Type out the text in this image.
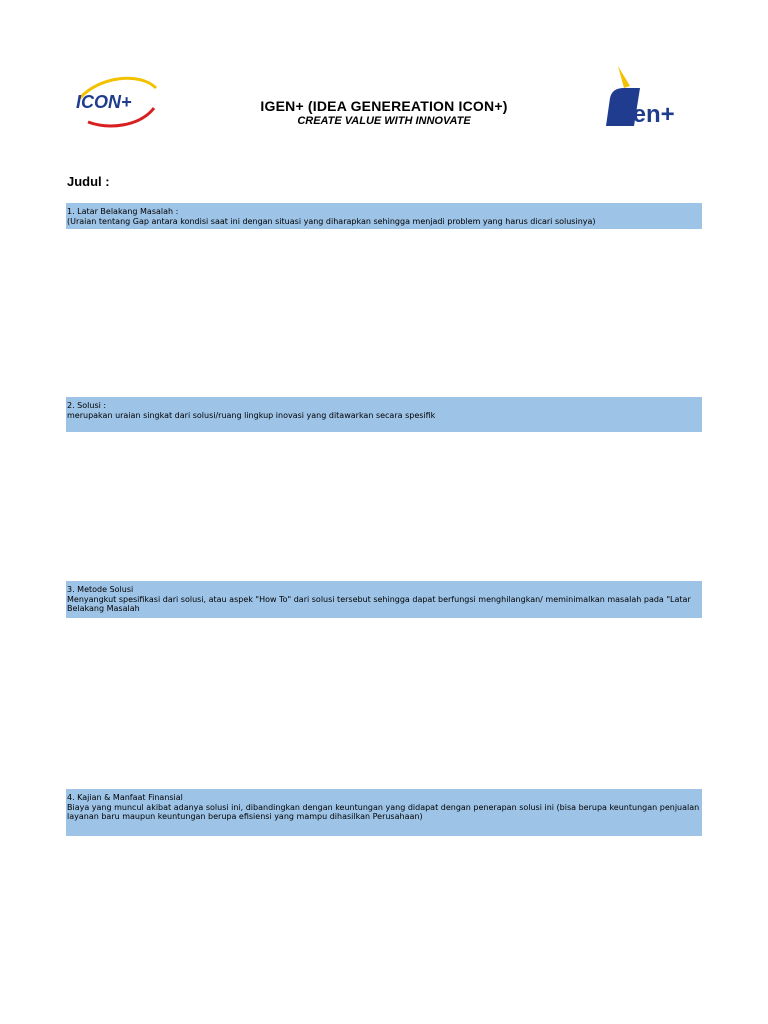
ICON+	IGEN+ (IDEA GENEREATION ICON+)
CREATE VALUE WITH INNOVATE	Gen+
Judul :
1. Latar Belakang Masalah :
(Uraian tentang Gap antara kondisi saat ini dengan situasi yang diharapkan sehingga menjadi problem yang harus dicari solusinya)
2. Solusi :
merupakan uraian singkat dari solusi/ruang lingkup inovasi yang ditawarkan secara spesifik
3. Metode Solusi
Menyangkut spesifikasi dari solusi, atau aspek "How To" dari solusi tersebut sehingga dapat berfungsi menghilangkan/ meminimalkan masalah pada "Latar Belakang Masalah
4. Kajian & Manfaat Finansial
Biaya yang muncul akibat adanya solusi ini, dibandingkan dengan keuntungan yang didapat dengan penerapan solusi ini (bisa berupa keuntungan penjualan layanan baru maupun keuntungan berupa efisiensi yang mampu dihasilkan Perusahaan)
